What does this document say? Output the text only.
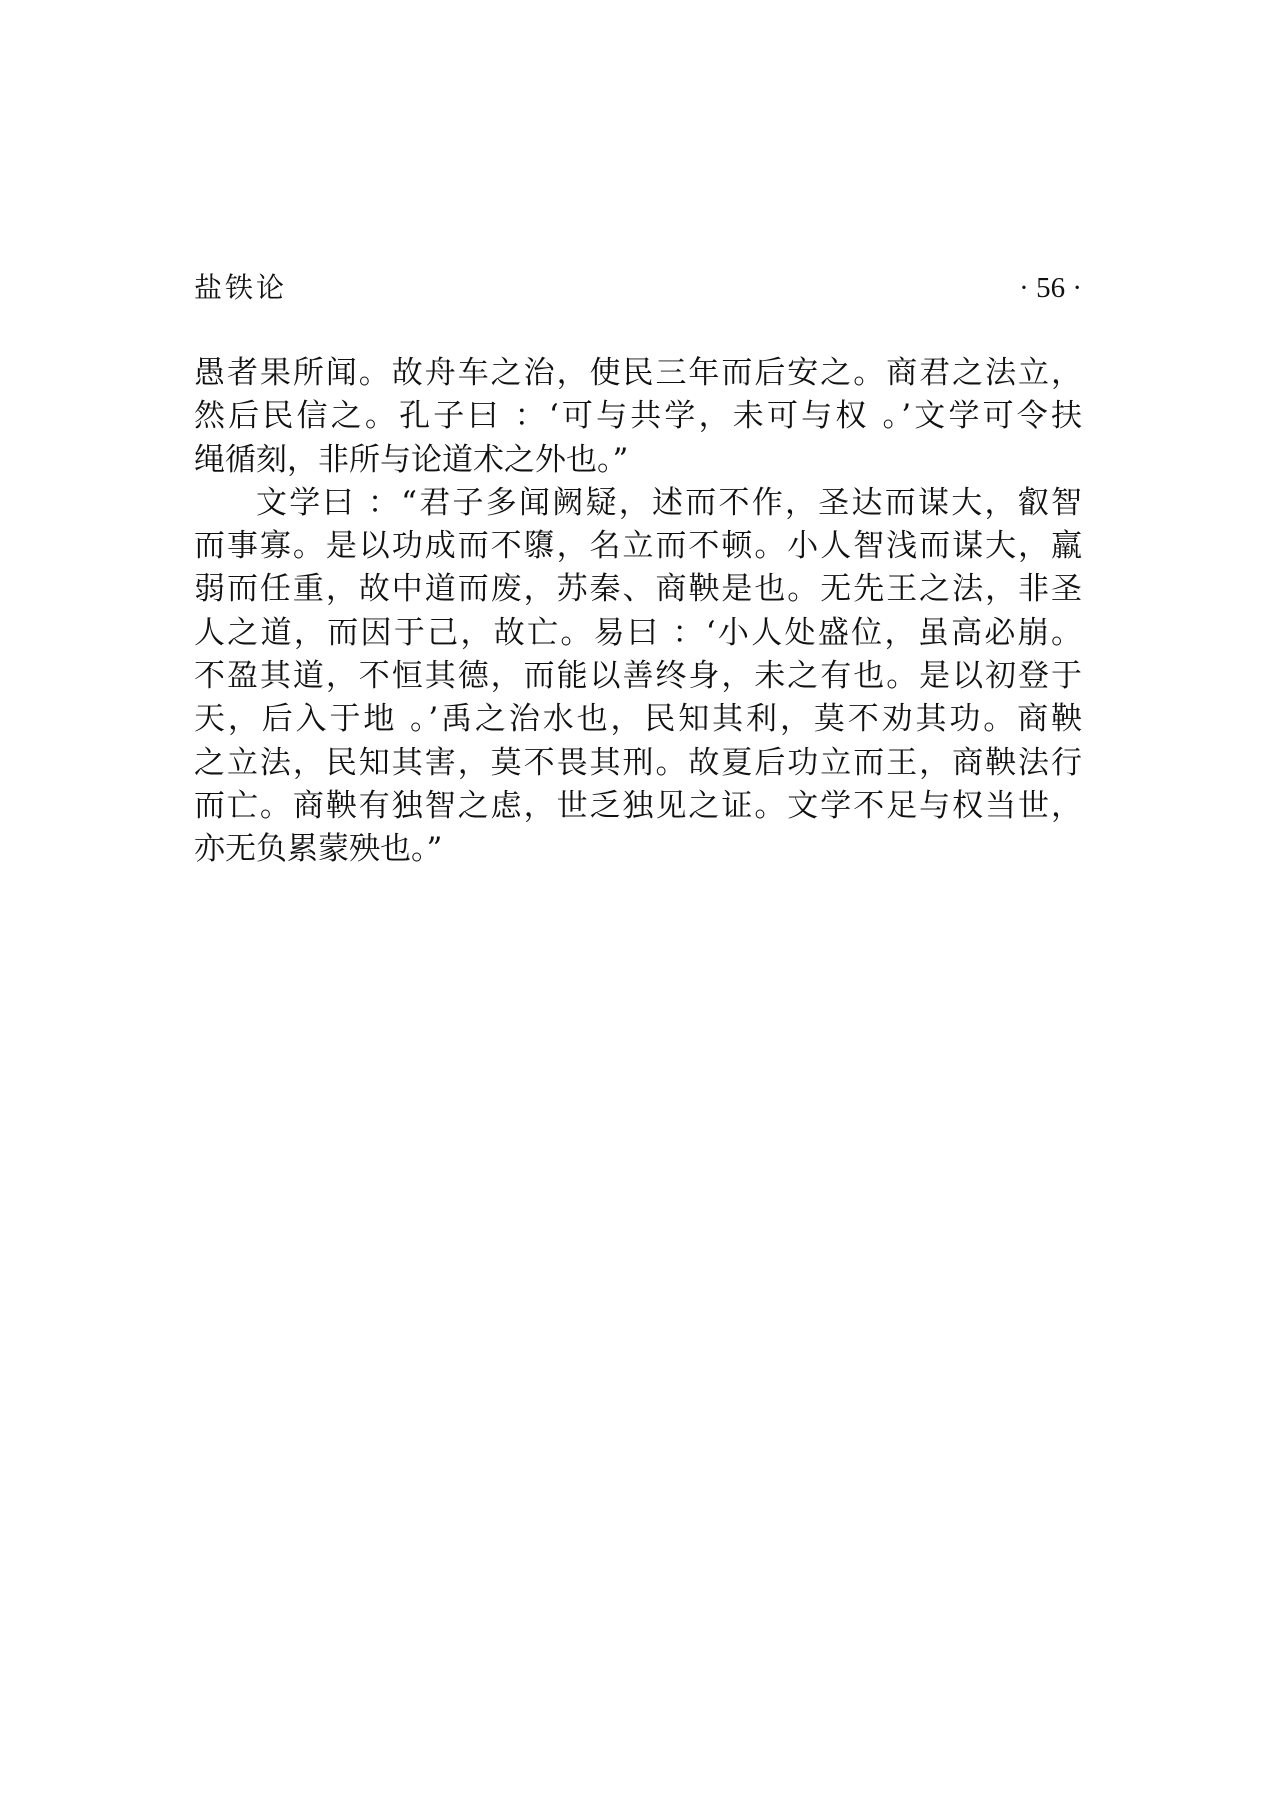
盐铁论	· 56 ·
愚者果所闻。故舟车之治，使民三年而后安之。商君之法立，
然后民信之。孔子曰 ：‘可与共学，未可与权 。’文学可令扶
绳循刻，非所与论道术之外也。”
文学曰 ：“君子多闻阙疑，述而不作，圣达而谋大，叡智
而事寡。是以功成而不隳，名立而不顿。小人智浅而谋大，羸
弱而任重，故中道而废，苏秦、商鞅是也。无先王之法，非圣
人之道，而因于己，故亡。易曰 ：‘小人处盛位，虽高必崩。
不盈其道，不恒其德，而能以善终身，未之有也。是以初登于
天，后入于地 。’禹之治水也，民知其利，莫不劝其功。商鞅
之立法，民知其害，莫不畏其刑。故夏后功立而王，商鞅法行
而亡。商鞅有独智之虑，世乏独见之证。文学不足与权当世，
亦无负累蒙殃也。”
